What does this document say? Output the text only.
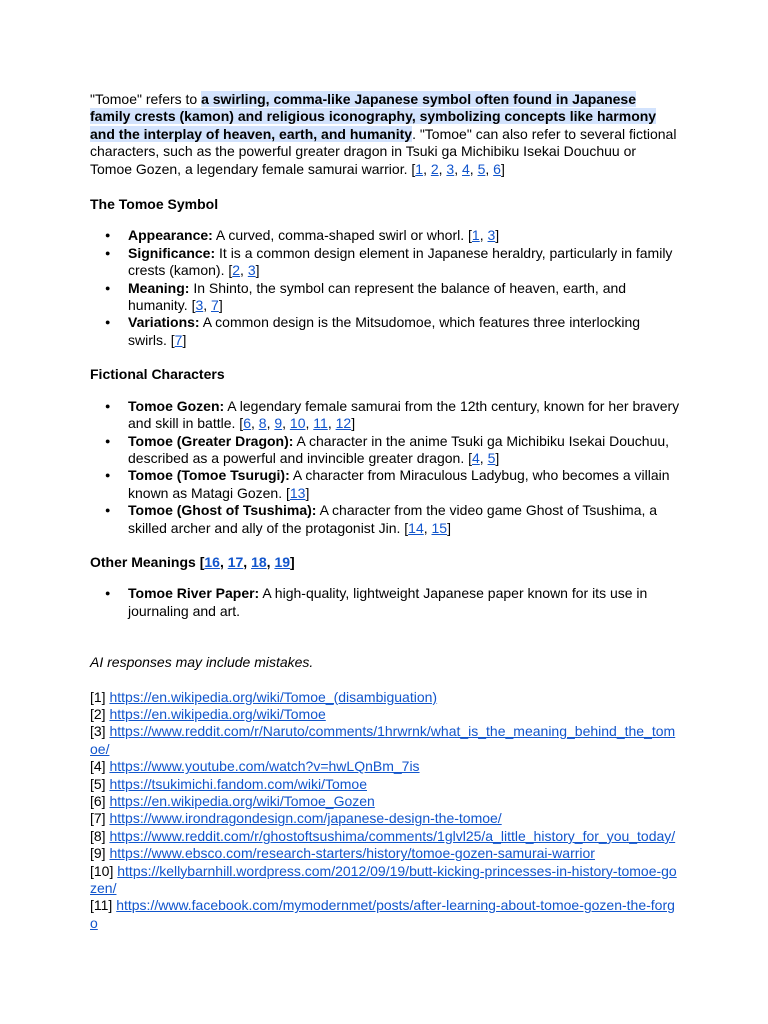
"Tomoe" refers to a swirling, comma-like Japanese symbol often found in Japanese family crests (kamon) and religious iconography, symbolizing concepts like harmony and the interplay of heaven, earth, and humanity. "Tomoe" can also refer to several fictional characters, such as the powerful greater dragon in Tsuki ga Michibiku Isekai Douchuu or Tomoe Gozen, a legendary female samurai warrior. [1, 2, 3, 4, 5, 6]

The Tomoe Symbol
● Appearance: A curved, comma-shaped swirl or whorl. [1, 3]
● Significance: It is a common design element in Japanese heraldry, particularly in family crests (kamon). [2, 3]
● Meaning: In Shinto, the symbol can represent the balance of heaven, earth, and humanity. [3, 7]
● Variations: A common design is the Mitsudomoe, which features three interlocking swirls. [7]
Fictional Characters
● Tomoe Gozen: A legendary female samurai from the 12th century, known for her bravery and skill in battle. [6, 8, 9, 10, 11, 12]
● Tomoe (Greater Dragon): A character in the anime Tsuki ga Michibiku Isekai Douchuu, described as a powerful and invincible greater dragon. [4, 5]
● Tomoe (Tomoe Tsurugi): A character from Miraculous Ladybug, who becomes a villain known as Matagi Gozen. [13]
● Tomoe (Ghost of Tsushima): A character from the video game Ghost of Tsushima, a skilled archer and ally of the protagonist Jin. [14, 15]
Other Meanings [16, 17, 18, 19]
● Tomoe River Paper: A high-quality, lightweight Japanese paper known for its use in journaling and art.

AI responses may include mistakes.

[1] https://en.wikipedia.org/wiki/Tomoe_(disambiguation)

[2] https://en.wikipedia.org/wiki/Tomoe

[3] https://www.reddit.com/r/Naruto/comments/1hrwrnk/what_is_the_meaning_behind_the_tomoe/

[4] https://www.youtube.com/watch?v=hwLQnBm_7is

[5] https://tsukimichi.fandom.com/wiki/Tomoe

[6] https://en.wikipedia.org/wiki/Tomoe_Gozen

[7] https://www.irondragondesign.com/japanese-design-the-tomoe/

[8] https://www.reddit.com/r/ghostoftsushima/comments/1glvl25/a_little_history_for_you_today/

[9] https://www.ebsco.com/research-starters/history/tomoe-gozen-samurai-warrior

[10] https://kellybarnhill.wordpress.com/2012/09/19/butt-kicking-princesses-in-history-tomoe-gozen/

[11] https://www.facebook.com/mymodernmet/posts/after-learning-about-tomoe-gozen-the-forgo
